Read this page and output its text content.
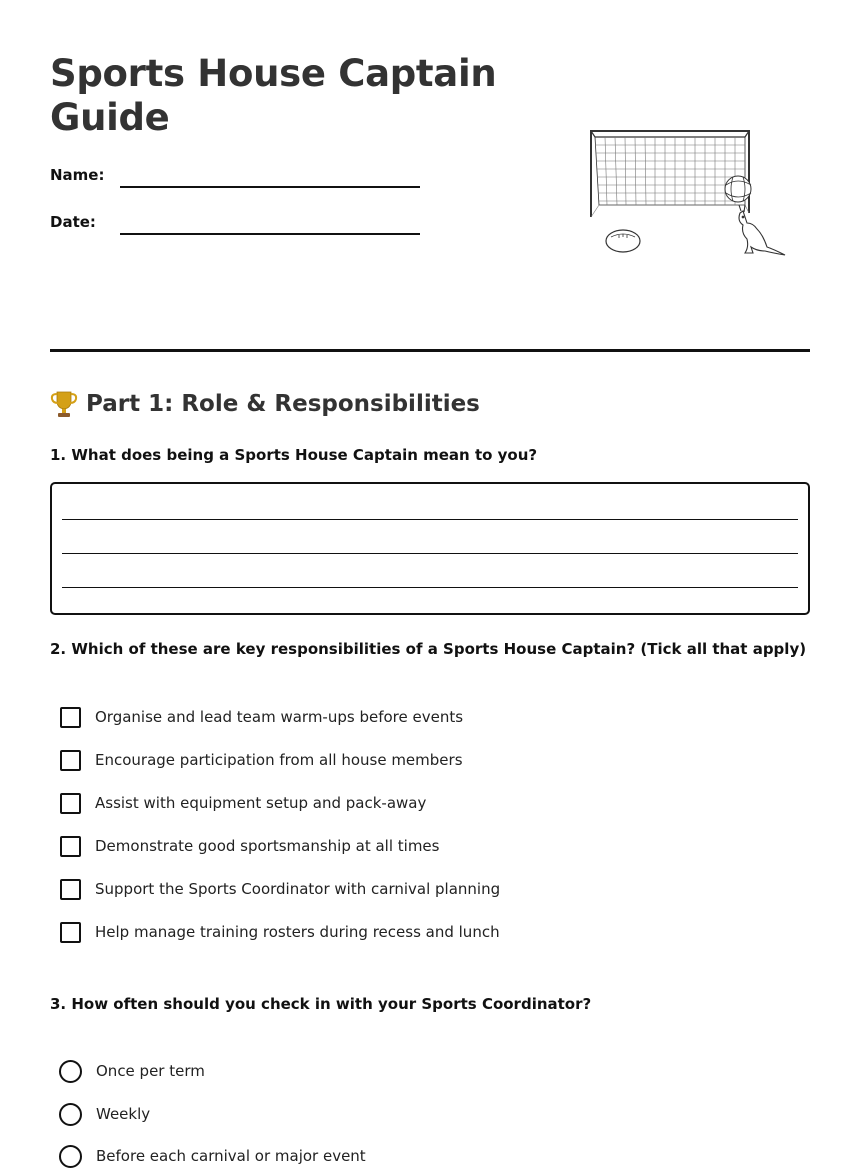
Sports House Captain Guide
Name:
Date:
Part 1: Role & Responsibilities

1. What does being a Sports House Captain mean to you?

2. Which of these are key responsibilities of a Sports House Captain? (Tick all that apply)

Organise and lead team warm-ups before events
Encourage participation from all house members
Assist with equipment setup and pack-away
Demonstrate good sportsmanship at all times
Support the Sports Coordinator with carnival planning
Help manage training rosters during recess and lunch

3. How often should you check in with your Sports Coordinator?

Once per term
Weekly
Before each carnival or major event
